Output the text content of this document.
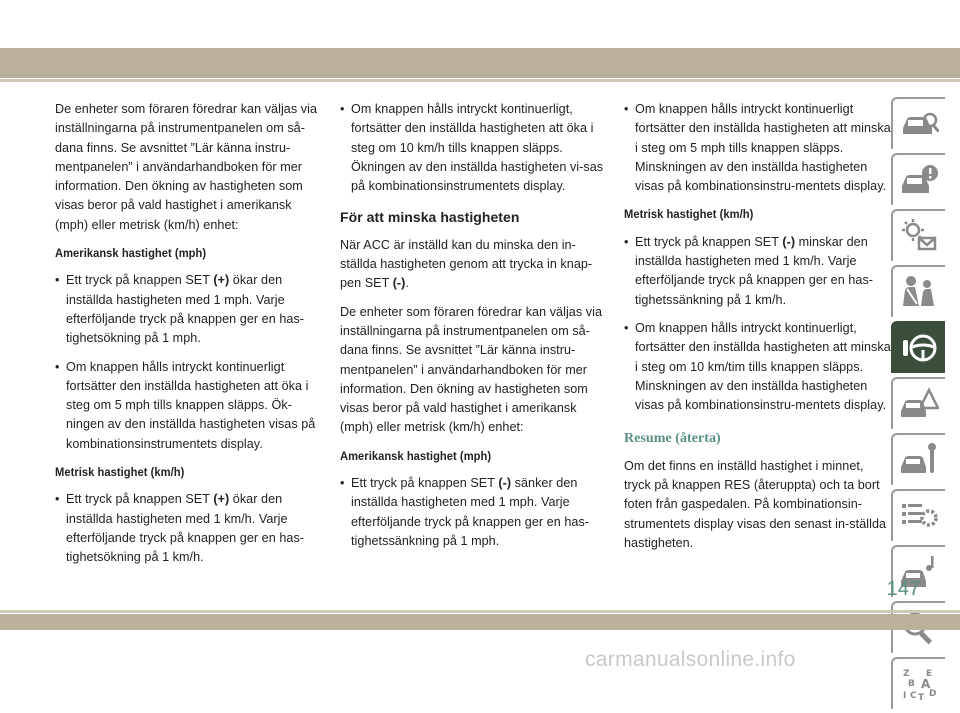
De enheter som föraren föredrar kan väljas via inställningarna på instrumentpanelen om så-dana finns. Se avsnittet ”Lär känna instru-mentpanelen” i användarhandboken för mer information. Den ökning av hastigheten som visas beror på vald hastighet i amerikansk (mph) eller metrisk (km/h) enhet:

Amerikansk hastighet (mph)
• Ett tryck på knappen SET (+) ökar den inställda hastigheten med 1 mph. Varje efterföljande tryck på knappen ger en has-tighetsökning på 1 mph.
• Om knappen hålls intryckt kontinuerligt fortsätter den inställda hastigheten att öka i steg om 5 mph tills knappen släpps. Ök-ningen av den inställda hastigheten visas på kombinationsinstrumentets display.
Metrisk hastighet (km/h)
• Ett tryck på knappen SET (+) ökar den inställda hastigheten med 1 km/h. Varje efterföljande tryck på knappen ger en has-tighetsökning på 1 km/h.
• Om knappen hålls intryckt kontinuerligt, fortsätter den inställda hastigheten att öka i steg om 10 km/h tills knappen släpps. Ökningen av den inställda hastigheten vi-sas på kombinationsinstrumentets display.
För att minska hastigheten

När ACC är inställd kan du minska den in-ställda hastigheten genom att trycka in knap-pen SET (-).

De enheter som föraren föredrar kan väljas via inställningarna på instrumentpanelen om så-dana finns. Se avsnittet ”Lär känna instru-mentpanelen” i användarhandboken för mer information. Den ökning av hastigheten som visas beror på vald hastighet i amerikansk (mph) eller metrisk (km/h) enhet:

Amerikansk hastighet (mph)
• Ett tryck på knappen SET (-) sänker den inställda hastigheten med 1 mph. Varje efterföljande tryck på knappen ger en has-tighetssänkning på 1 mph.
• Om knappen hålls intryckt kontinuerligt fortsätter den inställda hastigheten att minska i steg om 5 mph tills knappen släpps. Minskningen av den inställda hastigheten visas på kombinationsinstru-mentets display.
Metrisk hastighet (km/h)
• Ett tryck på knappen SET (-) minskar den inställda hastigheten med 1 km/h. Varje efterföljande tryck på knappen ger en has-tighetssänkning på 1 km/h.
• Om knappen hålls intryckt kontinuerligt, fortsätter den inställda hastigheten att minska i steg om 10 km/tim tills knappen släpps. Minskningen av den inställda hastigheten visas på kombinationsinstru-mentets display.
Resume (återta)

Om det finns en inställd hastighet i minnet, tryck på knappen RES (återuppta) och ta bort foten från gaspedalen. På kombinationsin-strumentets display visas den senast in-ställda hastigheten.

Z E
B A
I C D
T
147
carmanualsonline.info
